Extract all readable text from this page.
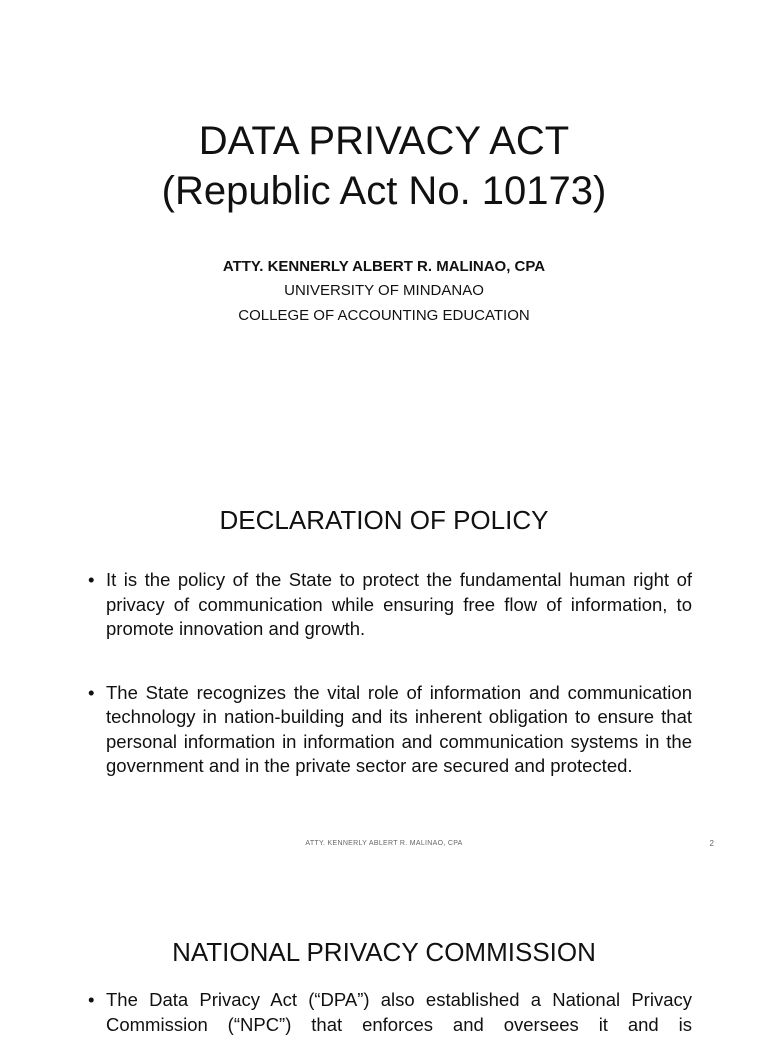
DATA PRIVACY ACT
(Republic Act No. 10173)
ATTY. KENNERLY ALBERT R. MALINAO, CPA
UNIVERSITY OF MINDANAO
COLLEGE OF ACCOUNTING EDUCATION
DECLARATION OF POLICY
• It is the policy of the State to protect the fundamental human right of privacy of communication while ensuring free flow of information, to promote innovation and growth.
• The State recognizes the vital role of information and communication technology in nation-building and its inherent obligation to ensure that personal information in information and communication systems in the government and in the private sector are secured and protected.
ATTY. KENNERLY ABLERT R. MALINAO, CPA	2
NATIONAL PRIVACY COMMISSION
• The Data Privacy Act (“DPA”) also established a National Privacy Commission (“NPC”) that enforces and oversees it and is
